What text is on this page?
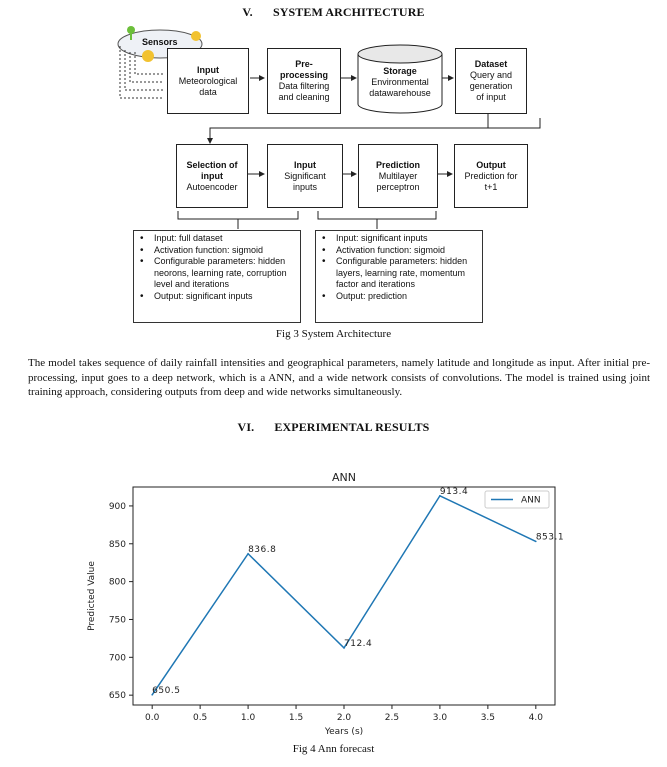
V. SYSTEM ARCHITECTURE
Sensors
Input
Meteorological
data
Pre-
processing
Data filtering
and cleaning
Storage
Environmental
datawarehouse
Dataset
Query and
generation
of input
Selection of
input
Autoencoder
Input
Significant
inputs
Prediction
Multilayer
perceptron
Output
Prediction for
t+1
• Input: full dataset
• Activation function: sigmoid
• Configurable parameters: hidden neorons, learning rate, corruption level and iterations
• Output: significant inputs
• Input: significant inputs
• Activation function: sigmoid
• Configurable parameters: hidden layers, learning rate, momentum factor and iterations
• Output: prediction
Fig 3 System Architecture
The model takes sequence of daily rainfall intensities and geographical parameters, namely latitude and longitude as input. After initial pre-processing, input goes to a deep network, which is a ANN, and a wide network consists of convolutions. The model is trained using joint training approach, considering outputs from deep and wide networks simultaneously.
VI. EXPERIMENTAL RESULTS
ANN
650
700
750
800
850
900
0.0	0.5	1.0	1.5	2.0	2.5	3.0	3.5	4.0
Years (s)
Predicted Value
650.5
836.8
712.4
913.4
853.1
ANN
Fig 4 Ann forecast
